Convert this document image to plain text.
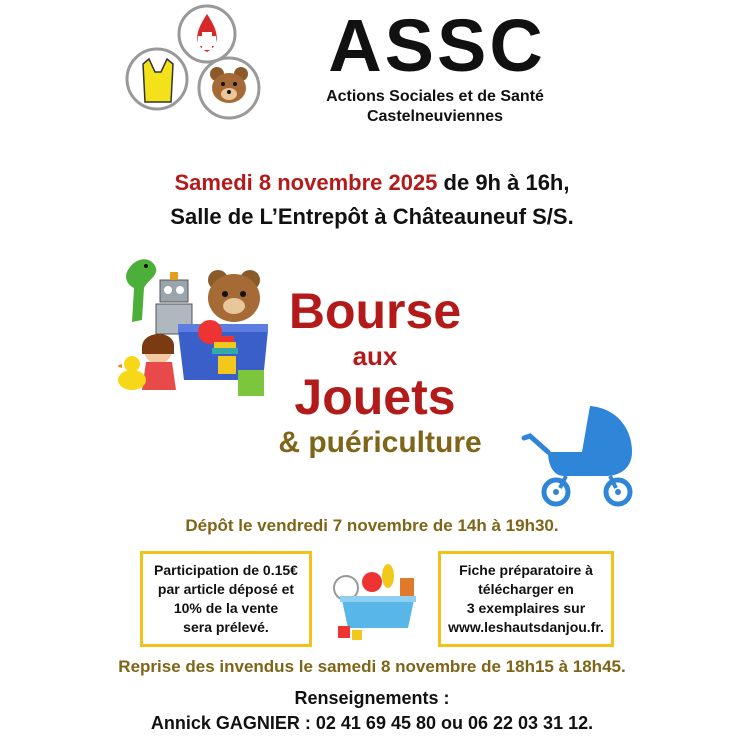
ASSC
Actions Sociales et de Santé
Castelneuviennes
Samedi 8 novembre 2025 de 9h à 16h,
Salle de L’Entrepôt à Châteauneuf S/S.
Bourse
aux
Jouets
& puériculture
Dépôt le vendredi 7 novembre de 14h à 19h30.
Participation de 0.15€
par article déposé et
10% de la vente
sera prélevé.
Fiche préparatoire à
télécharger en
3 exemplaires sur
www.leshautsdanjou.fr.
Reprise des invendus le samedi 8 novembre de 18h15 à 18h45.
Renseignements :
Annick GAGNIER : 02 41 69 45 80 ou 06 22 03 31 12.
